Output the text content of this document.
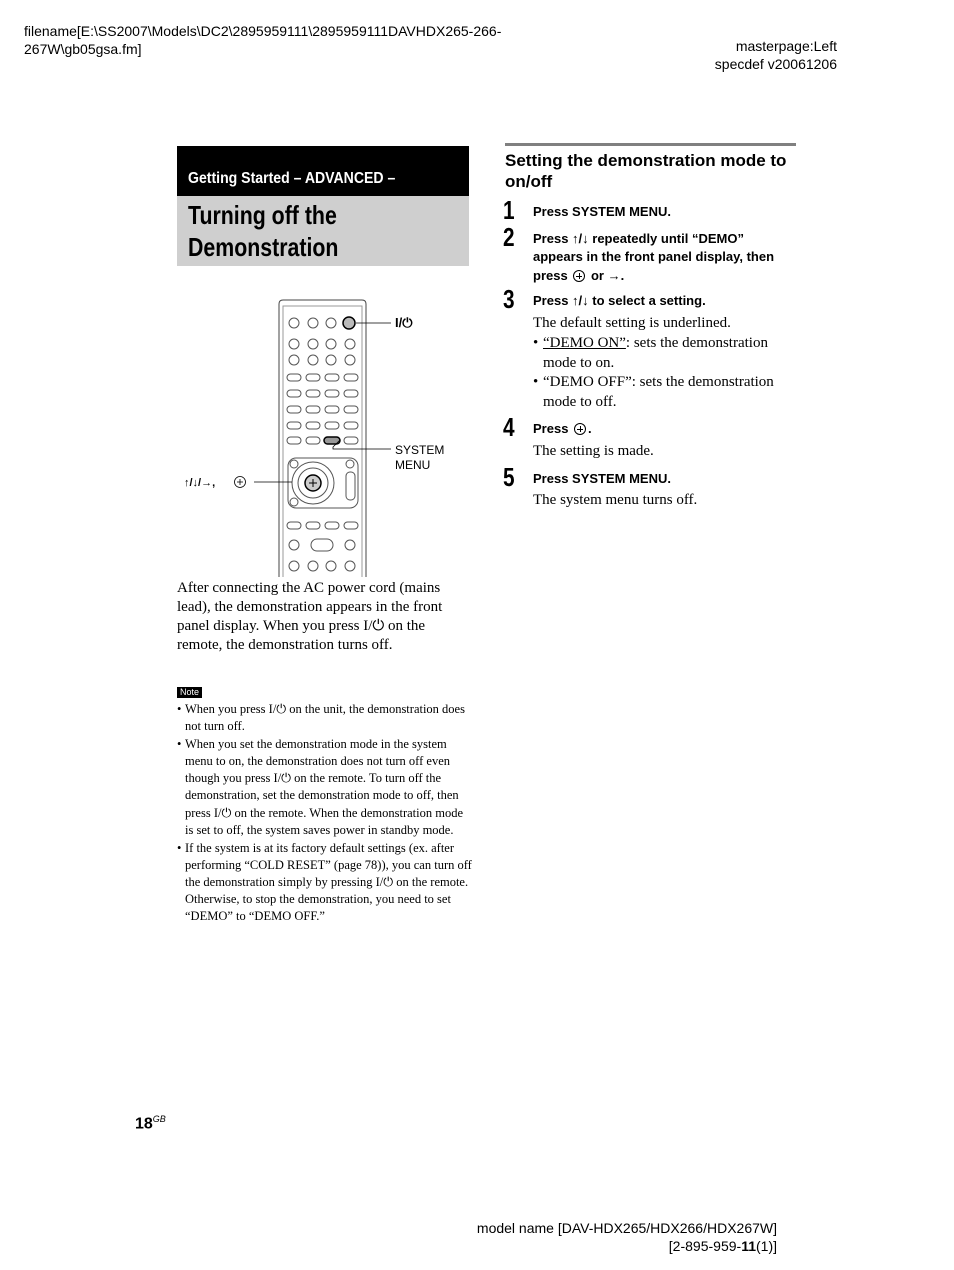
filename[E:\SS2007\Models\DC2\2895959111\2895959111DAVHDX265-266-
267W\gb05gsa.fm]	masterpage:Left
specdef v20061206
Getting Started – ADVANCED –
Turning off the
Demonstration
I/⏻
SYSTEM
MENU
↑/↓/→,
After connecting the AC power cord (mains lead), the demonstration appears in the front panel display. When you press I/⏻ on the remote, the demonstration turns off.
Note
• When you press I/⏻ on the unit, the demonstration does not turn off.
• When you set the demonstration mode in the system menu to on, the demonstration does not turn off even though you press I/⏻ on the remote. To turn off the demonstration, set the demonstration mode to off, then press I/⏻ on the remote. When the demonstration mode is set to off, the system saves power in standby mode.
• If the system is at its factory default settings (ex. after performing “COLD RESET” (page 78)), you can turn off the demonstration simply by pressing I/⏻ on the remote. Otherwise, to stop the demonstration, you need to set “DEMO” to “DEMO OFF.”
Setting the demonstration mode to on/off
1 Press SYSTEM MENU.
2 Press ↑/↓ repeatedly until “DEMO” appears in the front panel display, then press or →.
3 Press ↑/↓ to select a setting.
The default setting is underlined.
• “DEMO ON”: sets the demonstration mode to on.
• “DEMO OFF”: sets the demonstration mode to off.
4 Press .
The setting is made.
5 Press SYSTEM MENU.
The system menu turns off.
$18^{GB}$
model name [DAV-HDX265/HDX266/HDX267W]
[2-895-959-11(1)]
